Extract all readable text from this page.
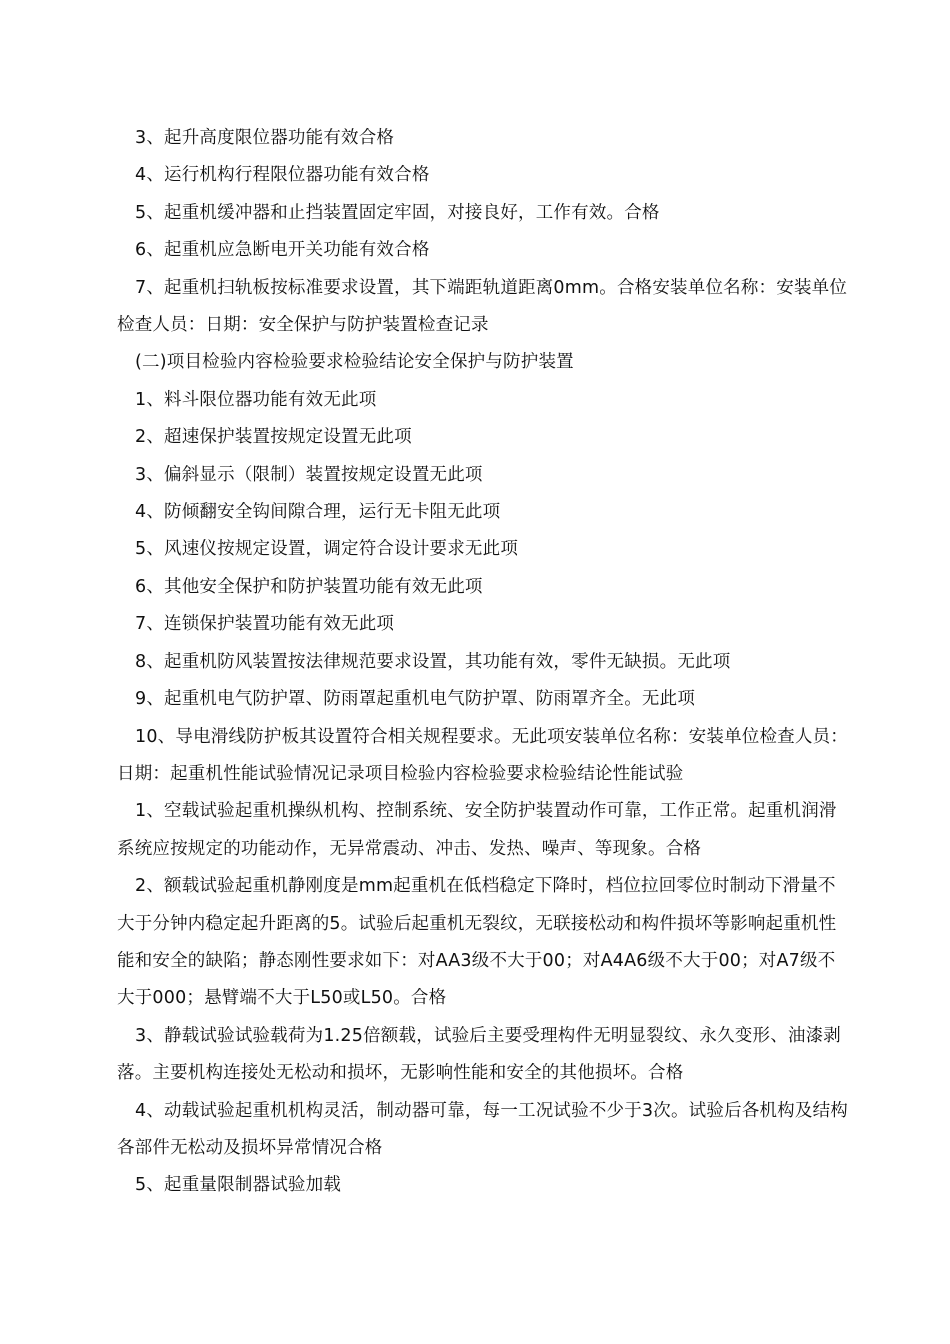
3、起升高度限位器功能有效合格

4、运行机构行程限位器功能有效合格

5、起重机缓冲器和止挡装置固定牢固，对接良好，工作有效。合格

6、起重机应急断电开关功能有效合格

7、起重机扫轨板按标准要求设置，其下端距轨道距离0mm。合格安装单位名称：安装单位检查人员：日期：安全保护与防护装置检查记录

(二)项目检验内容检验要求检验结论安全保护与防护装置

1、料斗限位器功能有效无此项

2、超速保护装置按规定设置无此项

3、偏斜显示（限制）装置按规定设置无此项

4、防倾翻安全钩间隙合理，运行无卡阻无此项

5、风速仪按规定设置，调定符合设计要求无此项

6、其他安全保护和防护装置功能有效无此项

7、连锁保护装置功能有效无此项

8、起重机防风装置按法律规范要求设置，其功能有效，零件无缺损。无此项

9、起重机电气防护罩、防雨罩起重机电气防护罩、防雨罩齐全。无此项

10、导电滑线防护板其设置符合相关规程要求。无此项安装单位名称：安装单位检查人员：日期：起重机性能试验情况记录项目检验内容检验要求检验结论性能试验

1、空载试验起重机操纵机构、控制系统、安全防护装置动作可靠，工作正常。起重机润滑系统应按规定的功能动作，无异常震动、冲击、发热、噪声、等现象。合格

2、额载试验起重机静刚度是mm起重机在低档稳定下降时，档位拉回零位时制动下滑量不大于分钟内稳定起升距离的5。试验后起重机无裂纹，无联接松动和构件损坏等影响起重机性能和安全的缺陷；静态刚性要求如下：对AA3级不大于00；对A4A6级不大于00；对A7级不大于000；悬臂端不大于L50或L50。合格

3、静载试验试验载荷为1.25倍额载，试验后主要受理构件无明显裂纹、永久变形、油漆剥落。主要机构连接处无松动和损坏，无影响性能和安全的其他损坏。合格

4、动载试验起重机机构灵活，制动器可靠，每一工况试验不少于3次。试验后各机构及结构各部件无松动及损坏异常情况合格

5、起重量限制器试验加载
